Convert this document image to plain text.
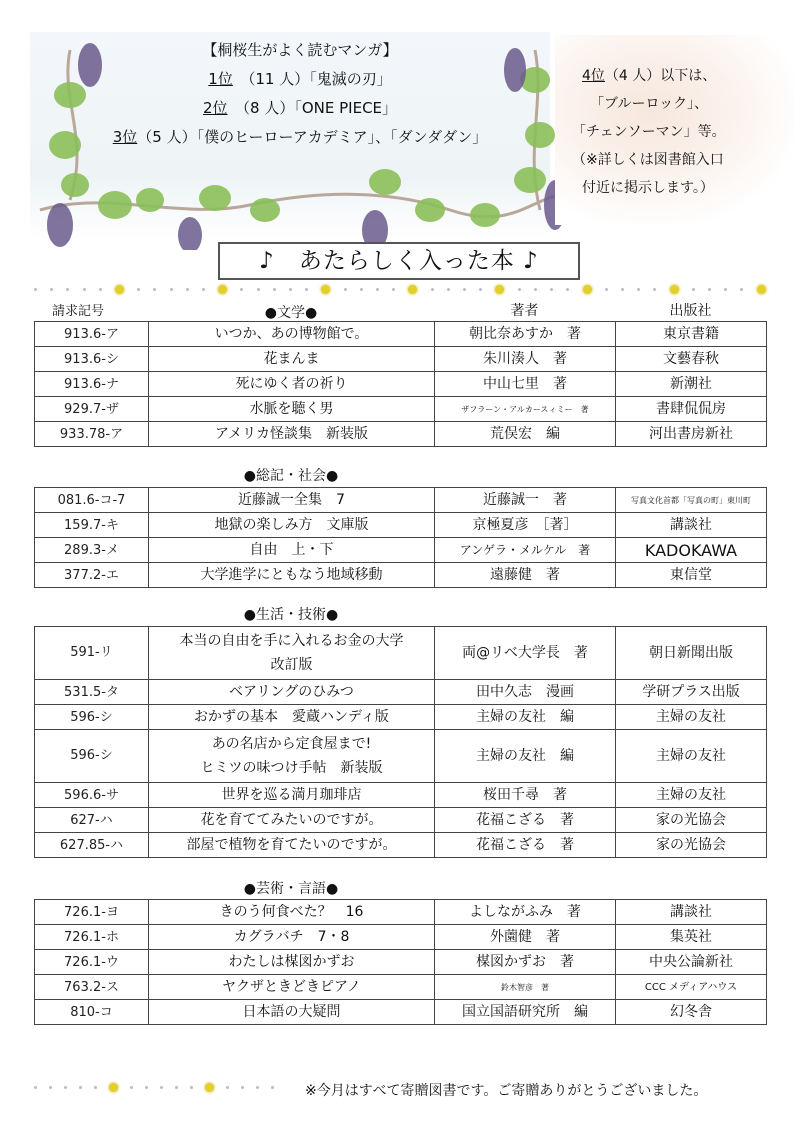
【桐桜生がよく読むマンガ】
1位　（11 人）「鬼滅の刃」
2位　（8 人）「ONE PIECE」
3位（5 人）「僕のヒーローアカデミア」、「ダンダダン」
4位（4 人）以下は、
「ブルーロック」、
「チェンソーマン」等。
（※詳しくは図書館入口
付近に掲示します。）
♪　あたらしく入った本 ♪
請求記号	●文学●	著者	出版社
913.6-ア	いつか、あの博物館で。	朝比奈あすか　著	東京書籍
913.6-シ	花まんま	朱川湊人　著	文藝春秋
913.6-ナ	死にゆく者の祈り	中山七里　著	新潮社
929.7-ザ	水脈を聴く男	ザフラーン・アルカースィミー　著	書肆侃侃房
933.78-ア	アメリカ怪談集　新装版	荒俣宏　編	河出書房新社
●総記・社会●
081.6-コ-7	近藤誠一全集　7	近藤誠一　著	写真文化首都「写真の町」東川町
159.7-キ	地獄の楽しみ方　文庫版	京極夏彦　［著］	講談社
289.3-メ	自由　上・下	アンゲラ・メルケル　著	KADOKAWA
377.2-エ	大学進学にともなう地域移動	遠藤健　著	東信堂
●生活・技術●
591-リ	本当の自由を手に入れるお金の大学
改訂版	両@リベ大学長　著	朝日新聞出版
531.5-タ	ベアリングのひみつ	田中久志　漫画	学研プラス出版
596-シ	おかずの基本　愛蔵ハンディ版	主婦の友社　編	主婦の友社
596-シ	あの名店から定食屋まで!
ヒミツの味つけ手帖　新装版	主婦の友社　編	主婦の友社
596.6-サ	世界を巡る満月珈琲店	桜田千尋　著	主婦の友社
627-ハ	花を育ててみたいのですが。	花福こざる　著	家の光協会
627.85-ハ	部屋で植物を育てたいのですが。	花福こざる　著	家の光協会
●芸術・言語●
726.1-ヨ	きのう何食べた？　16	よしながふみ　著	講談社
726.1-ホ	カグラバチ　7・8	外薗健　著	集英社
726.1-ウ	わたしは楳図かずお	楳図かずお　著	中央公論新社
763.2-ス	ヤクザときどきピアノ	鈴木智彦　著	CCC メディアハウス
810-コ	日本語の大疑問	国立国語研究所　編	幻冬舎
※今月はすべて寄贈図書です。ご寄贈ありがとうございました。
